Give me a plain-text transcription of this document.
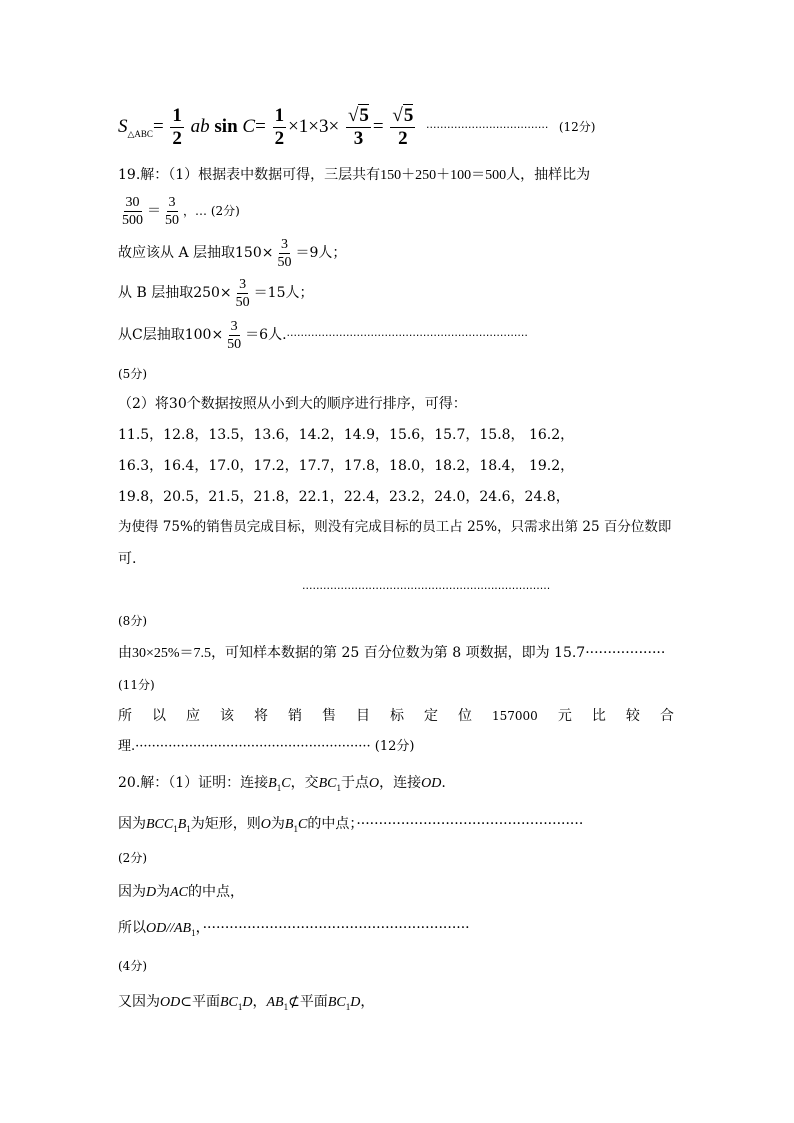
$S_{\triangle ABC}= \frac{1}{2}$ ab $\sin C= \frac{1}{2} \times 1\times 3\times \frac{√5}{3} = \frac{√5}{2}$ ··································· (12分)
19.解：（1）根据表中数据可得，三层共有150＋250＋100＝500人，抽样比为
$\frac{30}{500} = \frac{3}{50}$ ，… (2分)
故应该从 A 层抽取$150\times \frac{3}{50} =9$人；
从 B 层抽取$250\times \frac{3}{50} =15$人；
从C层抽取$100\times \frac{3}{50} =6$人.·····································································
(5分)
（2）将30个数据按照从小到大的顺序进行排序，可得：
11.5，12.8，13.5，13.6，14.2，14.9，15.6，15.7，15.8， 16.2，
16.3，16.4，17.0，17.2，17.7，17.8，18.0，18.2，18.4， 19.2，
19.8，20.5，21.5，21.8，22.1，22.4，23.2，24.0，24.6，24.8，
为使得 75%的销售员完成目标，则没有完成目标的员工占 25%，只需求出第 25 百分位数即
可.
·······································································
(8分)
由30×25%＝7.5，可知样本数据的第 25 百分位数为第 8 项数据，即为 15.7··················
(11分)
所 以 应 该 将 销 售 目 标 定 位 157000 元 比 较 合
理.························································· (12分)
20.解：（1）证明：连接$B_1C$，交$BC_1$于点O，连接OD.
因为$BCC_1B_1$为矩形，则O为$B_1C$的中点；···················································
(2分)
因为D为AC的中点，
所以$OD//AB_1$，····························································
(4分)
又因为OD⊂平面$BC_1D$，$AB_1⊄$平面$BC_1D$，
